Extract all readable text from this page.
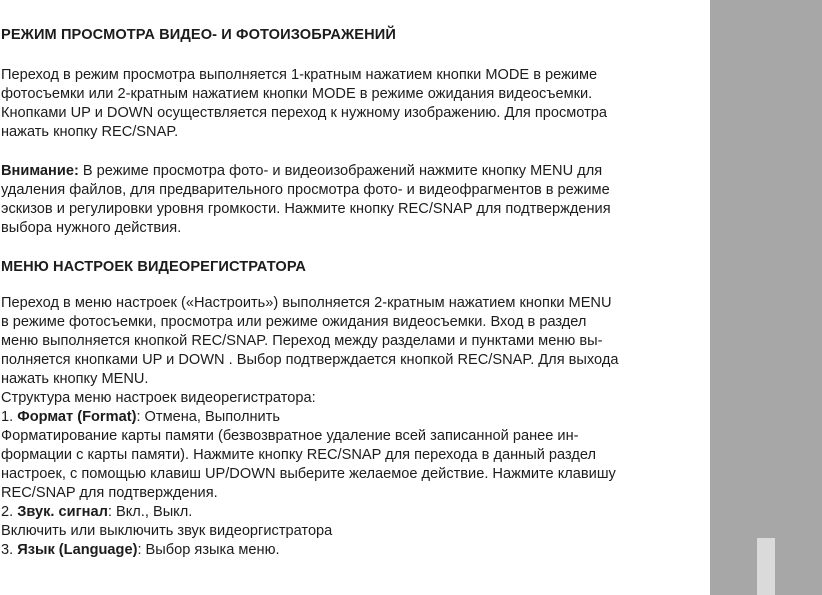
РЕЖИМ ПРОСМОТРА ВИДЕО- И ФОТОИЗОБРАЖЕНИЙ
Переход в режим просмотра выполняется 1-кратным нажатием кнопки MODE в режиме
фотосъемки или 2-кратным нажатием кнопки MODE в режиме ожидания видеосъемки.
Кнопками UP и DOWN осуществляется переход к нужному изображению. Для просмотра
нажать кнопку REC/SNAP.
Внимание: В режиме просмотра фото- и видеоизображений нажмите кнопку MENU для
удаления файлов, для предварительного просмотра фото- и видеофрагментов в режиме
эскизов и регулировки уровня громкости. Нажмите кнопку REC/SNAP для подтверждения
выбора нужного действия.
МЕНЮ НАСТРОЕК ВИДЕОРЕГИСТРАТОРА
Переход в меню настроек («Настроить») выполняется 2-кратным нажатием кнопки MENU
в режиме фотосъемки, просмотра или режиме ожидания видеосъемки. Вход в раздел
меню выполняется кнопкой REC/SNAP. Переход между разделами и пунктами меню вы-
полняется кнопками UP и DOWN . Выбор подтверждается кнопкой REC/SNAP. Для выхода
нажать кнопку MENU.
Структура меню настроек видеорегистратора:
1. Формат (Format): Отмена, Выполнить
Форматирование карты памяти (безвозвратное удаление всей записанной ранее ин-
формации с карты памяти). Нажмите кнопку REC/SNAP для перехода в данный раздел
настроек, с помощью клавиш UP/DOWN выберите желаемое действие. Нажмите клавишу
REC/SNAP для подтверждения.
2. Звук. сигнал: Вкл., Выкл.
Включить или выключить звук видеоргистратора
3. Язык (Language): Выбор языка меню.
